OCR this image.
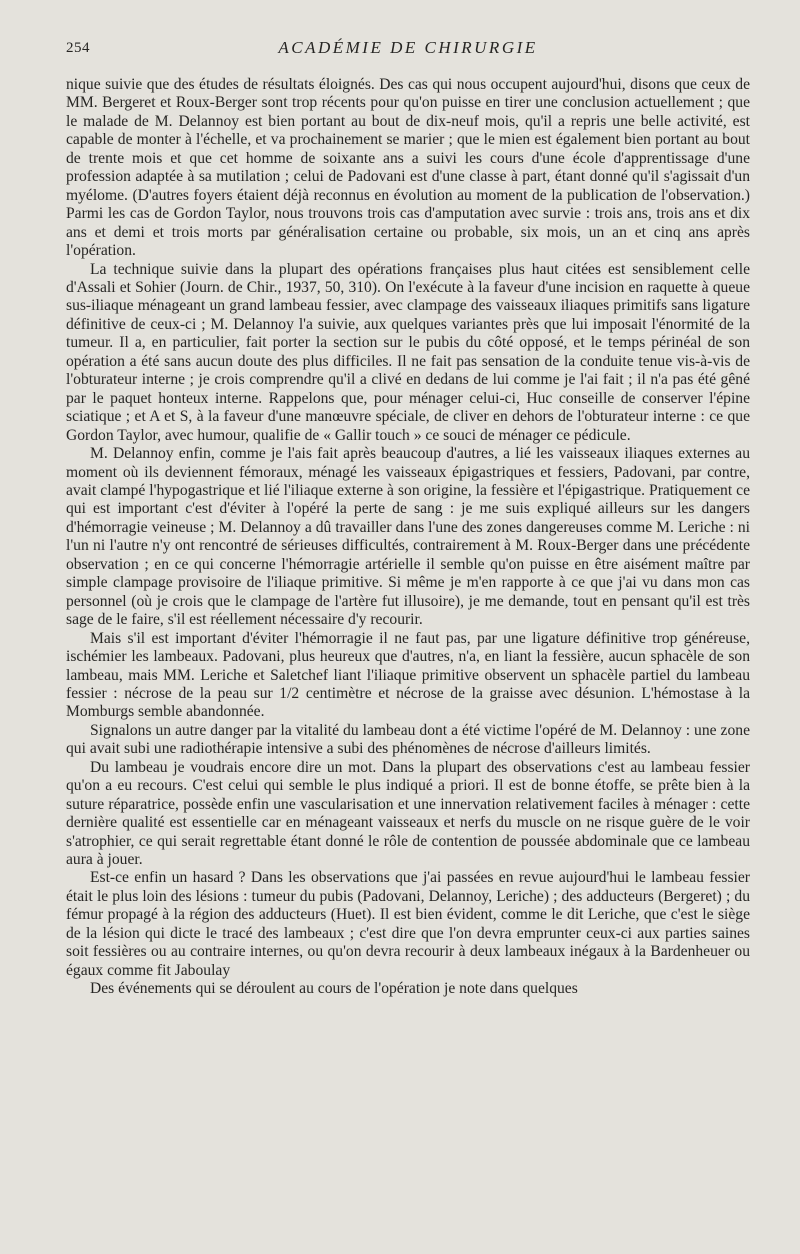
254	ACADÉMIE DE CHIRURGIE

nique suivie que des études de résultats éloignés. Des cas qui nous occupent aujourd'hui, disons que ceux de MM. Bergeret et Roux-Berger sont trop récents pour qu'on puisse en tirer une conclusion actuellement ; que le malade de M. Delannoy est bien portant au bout de dix-neuf mois, qu'il a repris une belle activité, est capable de monter à l'échelle, et va prochainement se marier ; que le mien est également bien portant au bout de trente mois et que cet homme de soixante ans a suivi les cours d'une école d'apprentissage d'une profession adaptée à sa mutilation ; celui de Padovani est d'une classe à part, étant donné qu'il s'agissait d'un myélome. (D'autres foyers étaient déjà reconnus en évolution au moment de la publication de l'observation.) Parmi les cas de Gordon Taylor, nous trouvons trois cas d'amputation avec survie : trois ans, trois ans et dix ans et demi et trois morts par généralisation certaine ou probable, six mois, un an et cinq ans après l'opération.

La technique suivie dans la plupart des opérations françaises plus haut citées est sensiblement celle d'Assali et Sohier (Journ. de Chir., 1937, 50, 310). On l'exécute à la faveur d'une incision en raquette à queue sus-iliaque ménageant un grand lambeau fessier, avec clampage des vaisseaux iliaques primitifs sans ligature définitive de ceux-ci ; M. Delannoy l'a suivie, aux quelques variantes près que lui imposait l'énormité de la tumeur. Il a, en particulier, fait porter la section sur le pubis du côté opposé, et le temps périnéal de son opération a été sans aucun doute des plus difficiles. Il ne fait pas sensation de la conduite tenue vis-à-vis de l'obturateur interne ; je crois comprendre qu'il a clivé en dedans de lui comme je l'ai fait ; il n'a pas été gêné par le paquet honteux interne. Rappelons que, pour ménager celui-ci, Huc conseille de conserver l'épine sciatique ; et A et S, à la faveur d'une manœuvre spéciale, de cliver en dehors de l'obturateur interne : ce que Gordon Taylor, avec humour, qualifie de « Gallir touch » ce souci de ménager ce pédicule.

M. Delannoy enfin, comme je l'ais fait après beaucoup d'autres, a lié les vaisseaux iliaques externes au moment où ils deviennent fémoraux, ménagé les vaisseaux épigastriques et fessiers, Padovani, par contre, avait clampé l'hypogastrique et lié l'iliaque externe à son origine, la fessière et l'épigastrique. Pratiquement ce qui est important c'est d'éviter à l'opéré la perte de sang : je me suis expliqué ailleurs sur les dangers d'hémorragie veineuse ; M. Delannoy a dû travailler dans l'une des zones dangereuses comme M. Leriche : ni l'un ni l'autre n'y ont rencontré de sérieuses difficultés, contrairement à M. Roux-Berger dans une précédente observation ; en ce qui concerne l'hémorragie artérielle il semble qu'on puisse en être aisément maître par simple clampage provisoire de l'iliaque primitive. Si même je m'en rapporte à ce que j'ai vu dans mon cas personnel (où je crois que le clampage de l'artère fut illusoire), je me demande, tout en pensant qu'il est très sage de le faire, s'il est réellement nécessaire d'y recourir.

Mais s'il est important d'éviter l'hémorragie il ne faut pas, par une ligature définitive trop généreuse, ischémier les lambeaux. Padovani, plus heureux que d'autres, n'a, en liant la fessière, aucun sphacèle de son lambeau, mais MM. Leriche et Saletchef liant l'iliaque primitive observent un sphacèle partiel du lambeau fessier : nécrose de la peau sur 1/2 centimètre et nécrose de la graisse avec désunion. L'hémostase à la Momburgs semble abandonnée.

Signalons un autre danger par la vitalité du lambeau dont a été victime l'opéré de M. Delannoy : une zone qui avait subi une radiothérapie intensive a subi des phénomènes de nécrose d'ailleurs limités.

Du lambeau je voudrais encore dire un mot. Dans la plupart des observations c'est au lambeau fessier qu'on a eu recours. C'est celui qui semble le plus indiqué a priori. Il est de bonne étoffe, se prête bien à la suture réparatrice, possède enfin une vascularisation et une innervation relativement faciles à ménager : cette dernière qualité est essentielle car en ménageant vaisseaux et nerfs du muscle on ne risque guère de le voir s'atrophier, ce qui serait regrettable étant donné le rôle de contention de poussée abdominale que ce lambeau aura à jouer.

Est-ce enfin un hasard ? Dans les observations que j'ai passées en revue aujourd'hui le lambeau fessier était le plus loin des lésions : tumeur du pubis (Padovani, Delannoy, Leriche) ; des adducteurs (Bergeret) ; du fémur propagé à la région des adducteurs (Huet). Il est bien évident, comme le dit Leriche, que c'est le siège de la lésion qui dicte le tracé des lambeaux ; c'est dire que l'on devra emprunter ceux-ci aux parties saines soit fessières ou au contraire internes, ou qu'on devra recourir à deux lambeaux inégaux à la Bardenheuer ou égaux comme fit Jaboulay

Des événements qui se déroulent au cours de l'opération je note dans quelques
